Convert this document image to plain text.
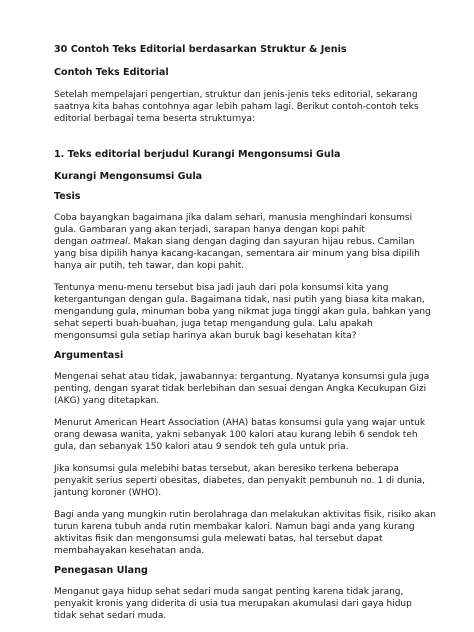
30 Contoh Teks Editorial berdasarkan Struktur & Jenis
Contoh Teks Editorial
Setelah mempelajari pengertian, struktur dan jenis-jenis teks editorial, sekarang
saatnya kita bahas contohnya agar lebih paham lagi. Berikut contoh-contoh teks
editorial berbagai tema beserta strukturnya:
1. Teks editorial berjudul Kurangi Mengonsumsi Gula
Kurangi Mengonsumsi Gula
Tesis
Coba bayangkan bagaimana jika dalam sehari, manusia menghindari konsumsi
gula. Gambaran yang akan terjadi, sarapan hanya dengan kopi pahit
dengan oatmeal. Makan siang dengan daging dan sayuran hijau rebus. Camilan
yang bisa dipilih hanya kacang-kacangan, sementara air minum yang bisa dipilih
hanya air putih, teh tawar, dan kopi pahit.
Tentunya menu-menu tersebut bisa jadi jauh dari pola konsumsi kita yang
ketergantungan dengan gula. Bagaimana tidak, nasi putih yang biasa kita makan,
mengandung gula, minuman boba yang nikmat juga tinggi akan gula, bahkan yang
sehat seperti buah-buahan, juga tetap mengandung gula. Lalu apakah
mengonsumsi gula setiap harinya akan buruk bagi kesehatan kita?
Argumentasi
Mengenai sehat atau tidak, jawabannya: tergantung. Nyatanya konsumsi gula juga
penting, dengan syarat tidak berlebihan dan sesuai dengan Angka Kecukupan Gizi
(AKG) yang ditetapkan.
Menurut American Heart Association (AHA) batas konsumsi gula yang wajar untuk
orang dewasa wanita, yakni sebanyak 100 kalori atau kurang lebih 6 sendok teh
gula, dan sebanyak 150 kalori atau 9 sendok teh gula untuk pria.
Jika konsumsi gula melebihi batas tersebut, akan beresiko terkena beberapa
penyakit serius seperti obesitas, diabetes, dan penyakit pembunuh no. 1 di dunia,
jantung koroner (WHO).
Bagi anda yang mungkin rutin berolahraga dan melakukan aktivitas fisik, risiko akan
turun karena tubuh anda rutin membakar kalori. Namun bagi anda yang kurang
aktivitas fisik dan mengonsumsi gula melewati batas, hal tersebut dapat
membahayakan kesehatan anda.
Penegasan Ulang
Menganut gaya hidup sehat sedari muda sangat penting karena tidak jarang,
penyakit kronis yang diderita di usia tua merupakan akumulasi dari gaya hidup
tidak sehat sedari muda.
